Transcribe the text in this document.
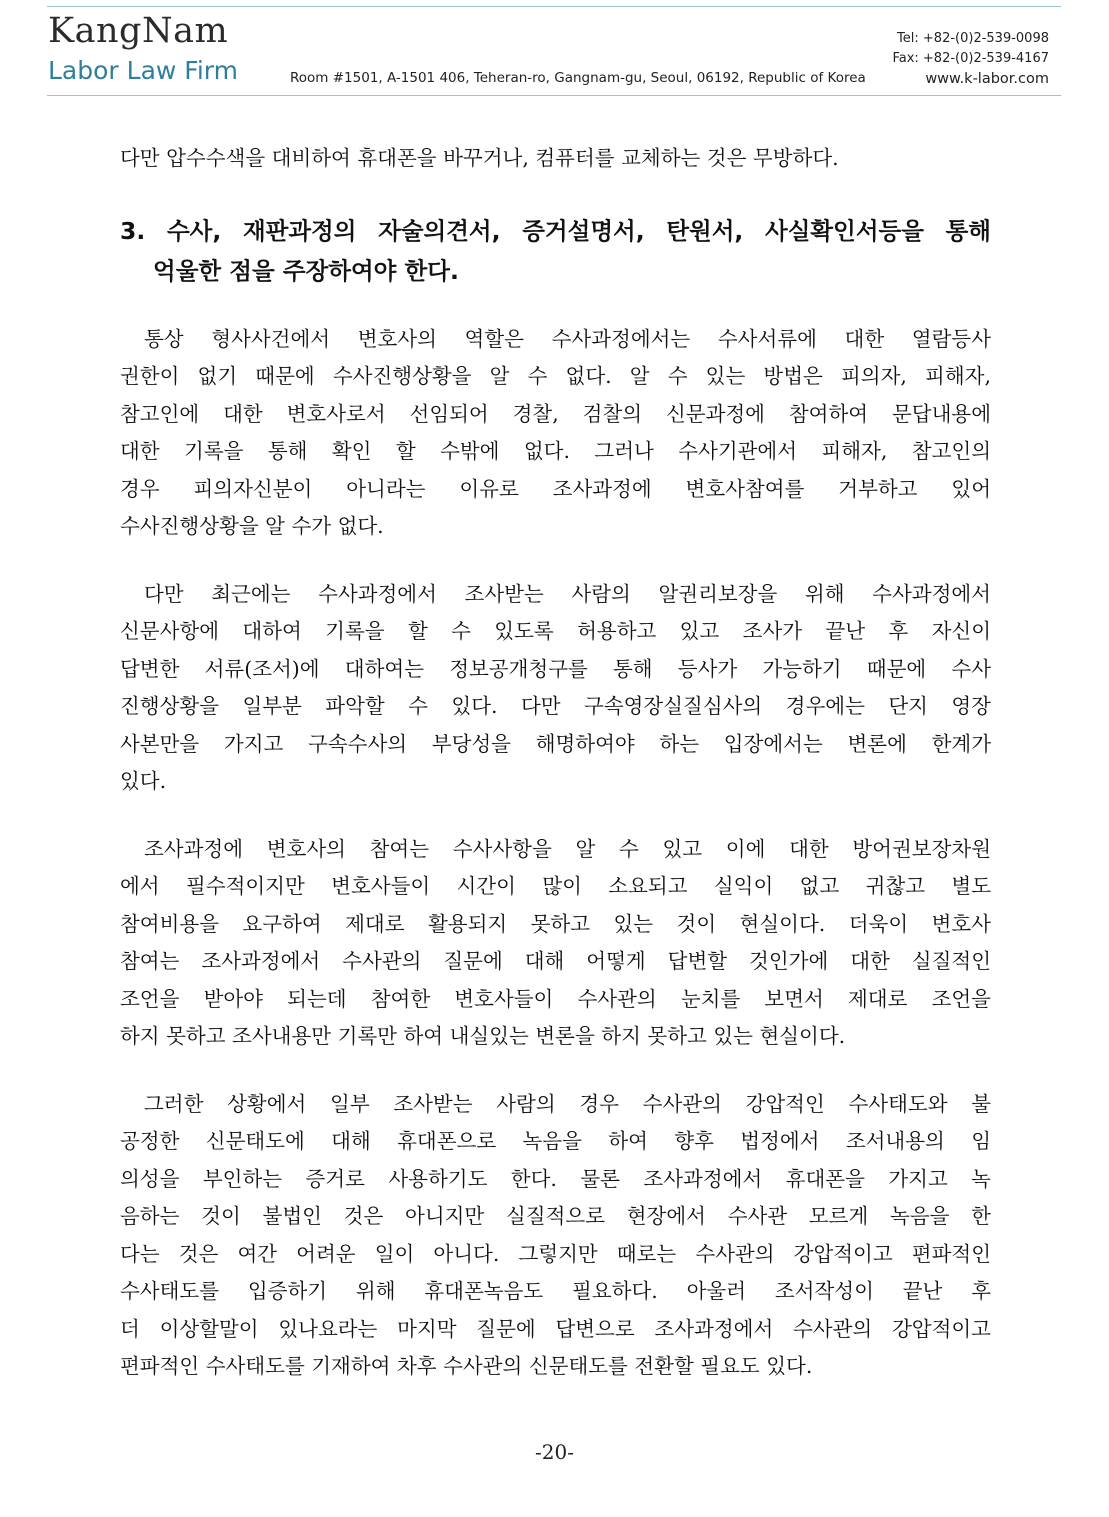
KangNam
Labor Law Firm	Room #1501, A-1501 406, Teheran-ro, Gangnam-gu, Seoul, 06192, Republic of Korea
Tel: +82-(0)2-539-0098
Fax: +82-(0)2-539-4167
www.k-labor.com
다만 압수수색을 대비하여 휴대폰을 바꾸거나, 컴퓨터를 교체하는 것은 무방하다.
3. 수사, 재판과정의 자술의견서, 증거설명서, 탄원서, 사실확인서등을 통해
억울한 점을 주장하여야 한다.
통상 형사사건에서 변호사의 역할은 수사과정에서는 수사서류에 대한 열람등사
권한이 없기 때문에 수사진행상황을 알 수 없다. 알 수 있는 방법은 피의자, 피해자,
참고인에 대한 변호사로서 선임되어 경찰, 검찰의 신문과정에 참여하여 문답내용에
대한 기록을 통해 확인 할 수밖에 없다. 그러나 수사기관에서 피해자, 참고인의
경우 피의자신분이 아니라는 이유로 조사과정에 변호사참여를 거부하고 있어
수사진행상황을 알 수가 없다.
다만 최근에는 수사과정에서 조사받는 사람의 알권리보장을 위해 수사과정에서
신문사항에 대하여 기록을 할 수 있도록 허용하고 있고 조사가 끝난 후 자신이
답변한 서류(조서)에 대하여는 정보공개청구를 통해 등사가 가능하기 때문에 수사
진행상황을 일부분 파악할 수 있다. 다만 구속영장실질심사의 경우에는 단지 영장
사본만을 가지고 구속수사의 부당성을 해명하여야 하는 입장에서는 변론에 한계가
있다.
조사과정에 변호사의 참여는 수사사항을 알 수 있고 이에 대한 방어권보장차원
에서 필수적이지만 변호사들이 시간이 많이 소요되고 실익이 없고 귀찮고 별도
참여비용을 요구하여 제대로 활용되지 못하고 있는 것이 현실이다. 더욱이 변호사
참여는 조사과정에서 수사관의 질문에 대해 어떻게 답변할 것인가에 대한 실질적인
조언을 받아야 되는데 참여한 변호사들이 수사관의 눈치를 보면서 제대로 조언을
하지 못하고 조사내용만 기록만 하여 내실있는 변론을 하지 못하고 있는 현실이다.
그러한 상황에서 일부 조사받는 사람의 경우 수사관의 강압적인 수사태도와 불
공정한 신문태도에 대해 휴대폰으로 녹음을 하여 향후 법정에서 조서내용의 임
의성을 부인하는 증거로 사용하기도 한다. 물론 조사과정에서 휴대폰을 가지고 녹
음하는 것이 불법인 것은 아니지만 실질적으로 현장에서 수사관 모르게 녹음을 한
다는 것은 여간 어려운 일이 아니다. 그렇지만 때로는 수사관의 강압적이고 편파적인
수사태도를 입증하기 위해 휴대폰녹음도 필요하다. 아울러 조서작성이 끝난 후
더 이상할말이 있나요라는 마지막 질문에 답변으로 조사과정에서 수사관의 강압적이고
편파적인 수사태도를 기재하여 차후 수사관의 신문태도를 전환할 필요도 있다.
-20-
